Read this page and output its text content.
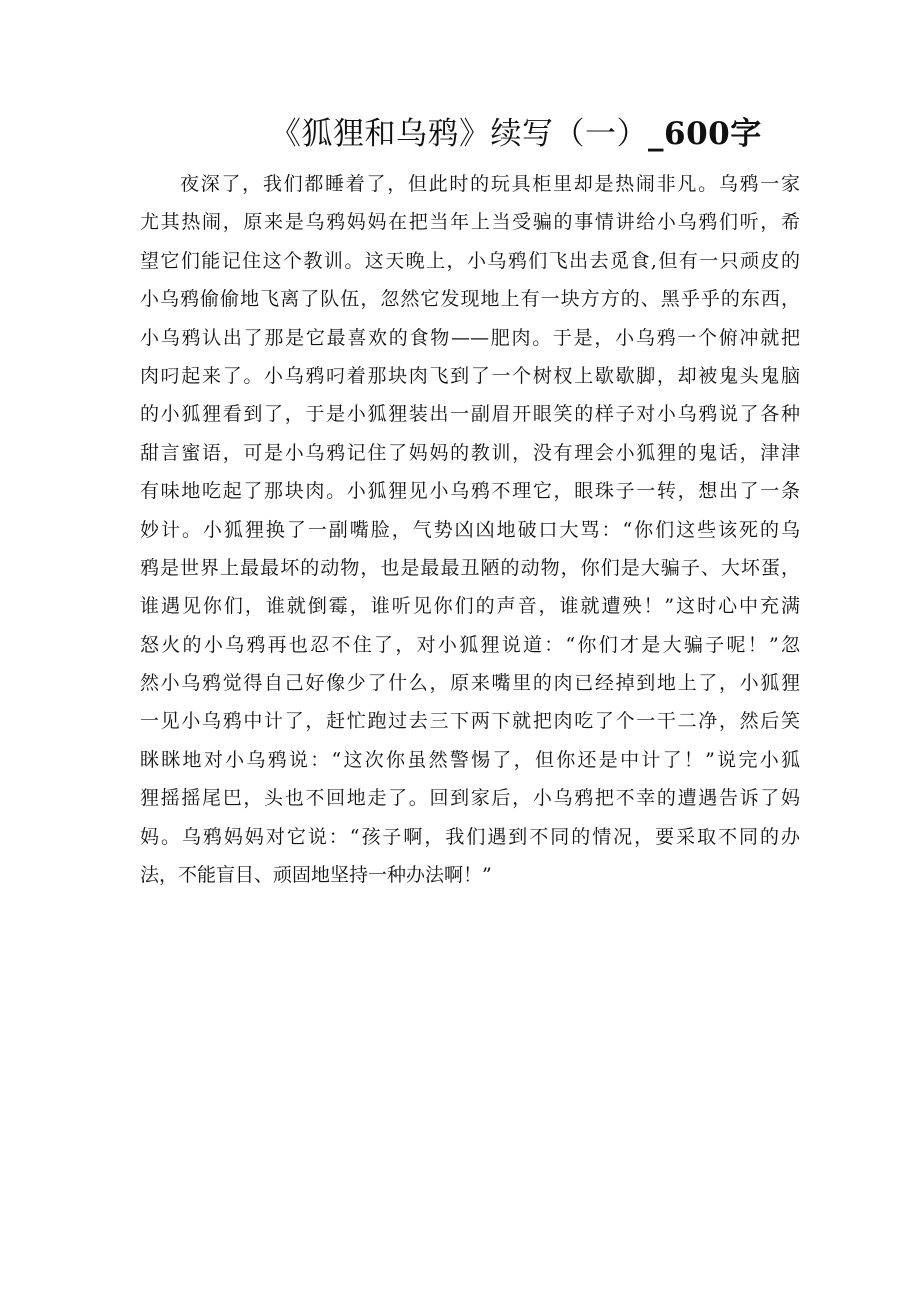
《狐狸和乌鸦》续写（一）_600字
夜深了，我们都睡着了，但此时的玩具柜里却是热闹非凡。乌鸦一家
尤其热闹，原来是乌鸦妈妈在把当年上当受骗的事情讲给小乌鸦们听，希
望它们能记住这个教训。这天晚上，小乌鸦们飞出去觅食,但有一只顽皮的
小乌鸦偷偷地飞离了队伍，忽然它发现地上有一块方方的、黑乎乎的东西，
小乌鸦认出了那是它最喜欢的食物——肥肉。于是，小乌鸦一个俯冲就把
肉叼起来了。小乌鸦叼着那块肉飞到了一个树杈上歇歇脚，却被鬼头鬼脑
的小狐狸看到了，于是小狐狸装出一副眉开眼笑的样子对小乌鸦说了各种
甜言蜜语，可是小乌鸦记住了妈妈的教训，没有理会小狐狸的鬼话，津津
有味地吃起了那块肉。小狐狸见小乌鸦不理它，眼珠子一转，想出了一条
妙计。小狐狸换了一副嘴脸，气势凶凶地破口大骂：“你们这些该死的乌
鸦是世界上最最坏的动物，也是最最丑陋的动物，你们是大骗子、大坏蛋，
谁遇见你们，谁就倒霉，谁听见你们的声音，谁就遭殃！”这时心中充满
怒火的小乌鸦再也忍不住了，对小狐狸说道：“你们才是大骗子呢！”忽
然小乌鸦觉得自己好像少了什么，原来嘴里的肉已经掉到地上了，小狐狸
一见小乌鸦中计了，赶忙跑过去三下两下就把肉吃了个一干二净，然后笑
眯眯地对小乌鸦说：“这次你虽然警惕了，但你还是中计了！”说完小狐
狸摇摇尾巴，头也不回地走了。回到家后，小乌鸦把不幸的遭遇告诉了妈
妈。乌鸦妈妈对它说：“孩子啊，我们遇到不同的情况，要采取不同的办
法，不能盲目、顽固地坚持一种办法啊！”
